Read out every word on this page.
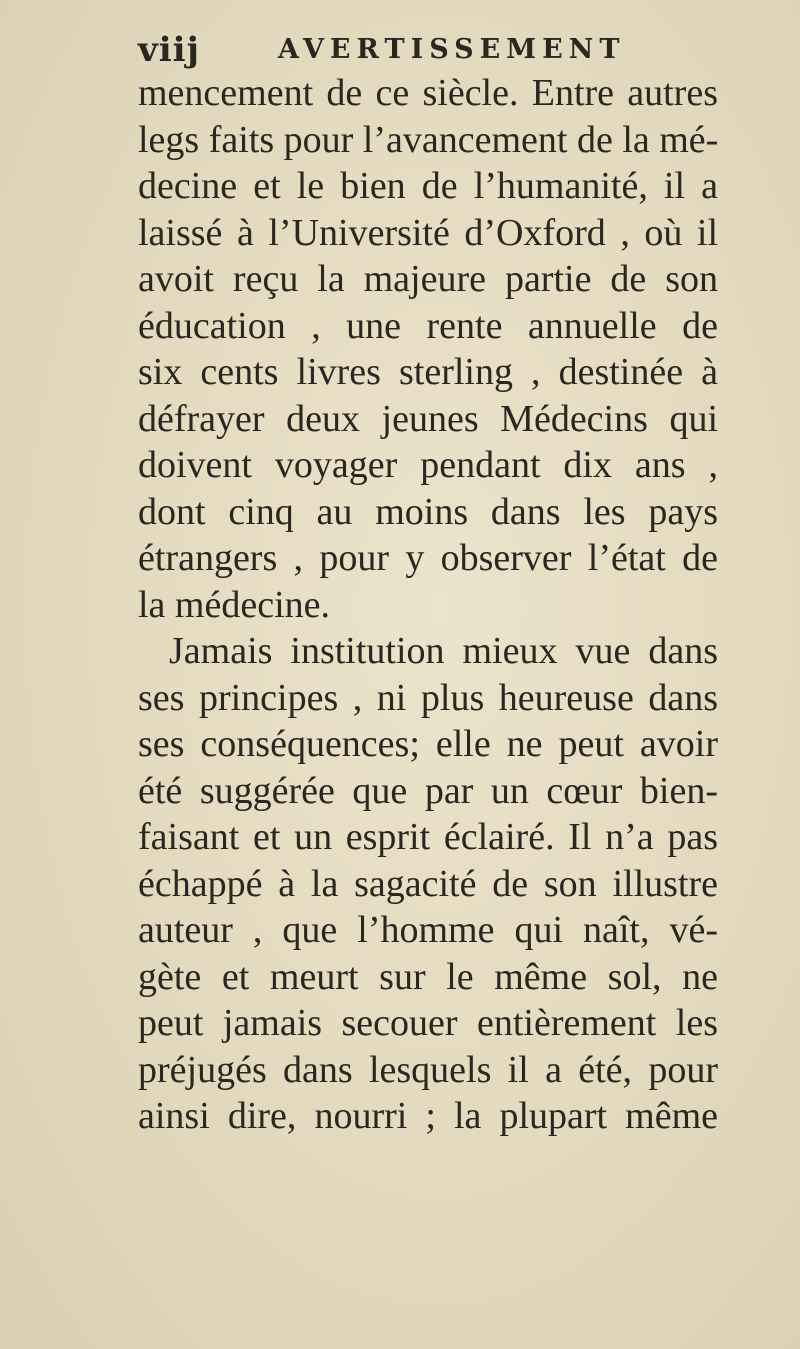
viij	AVERTISSEMENT
mencement de ce siècle. Entre autres
legs faits pour l’avancement de la mé-
decine et le bien de l’humanité, il a
laissé à l’Université d’Oxford , où il
avoit reçu la majeure partie de son
éducation , une rente annuelle de
six cents livres sterling , destinée à
défrayer deux jeunes Médecins qui
doivent voyager pendant dix ans ,
dont cinq au moins dans les pays
étrangers , pour y observer l’état de
la médecine.
Jamais institution mieux vue dans
ses principes , ni plus heureuse dans
ses conséquences; elle ne peut avoir
été suggérée que par un cœur bien-
faisant et un esprit éclairé. Il n’a pas
échappé à la sagacité de son illustre
auteur , que l’homme qui naît, vé-
gète et meurt sur le même sol, ne
peut jamais secouer entièrement les
préjugés dans lesquels il a été, pour
ainsi dire, nourri ; la plupart même
